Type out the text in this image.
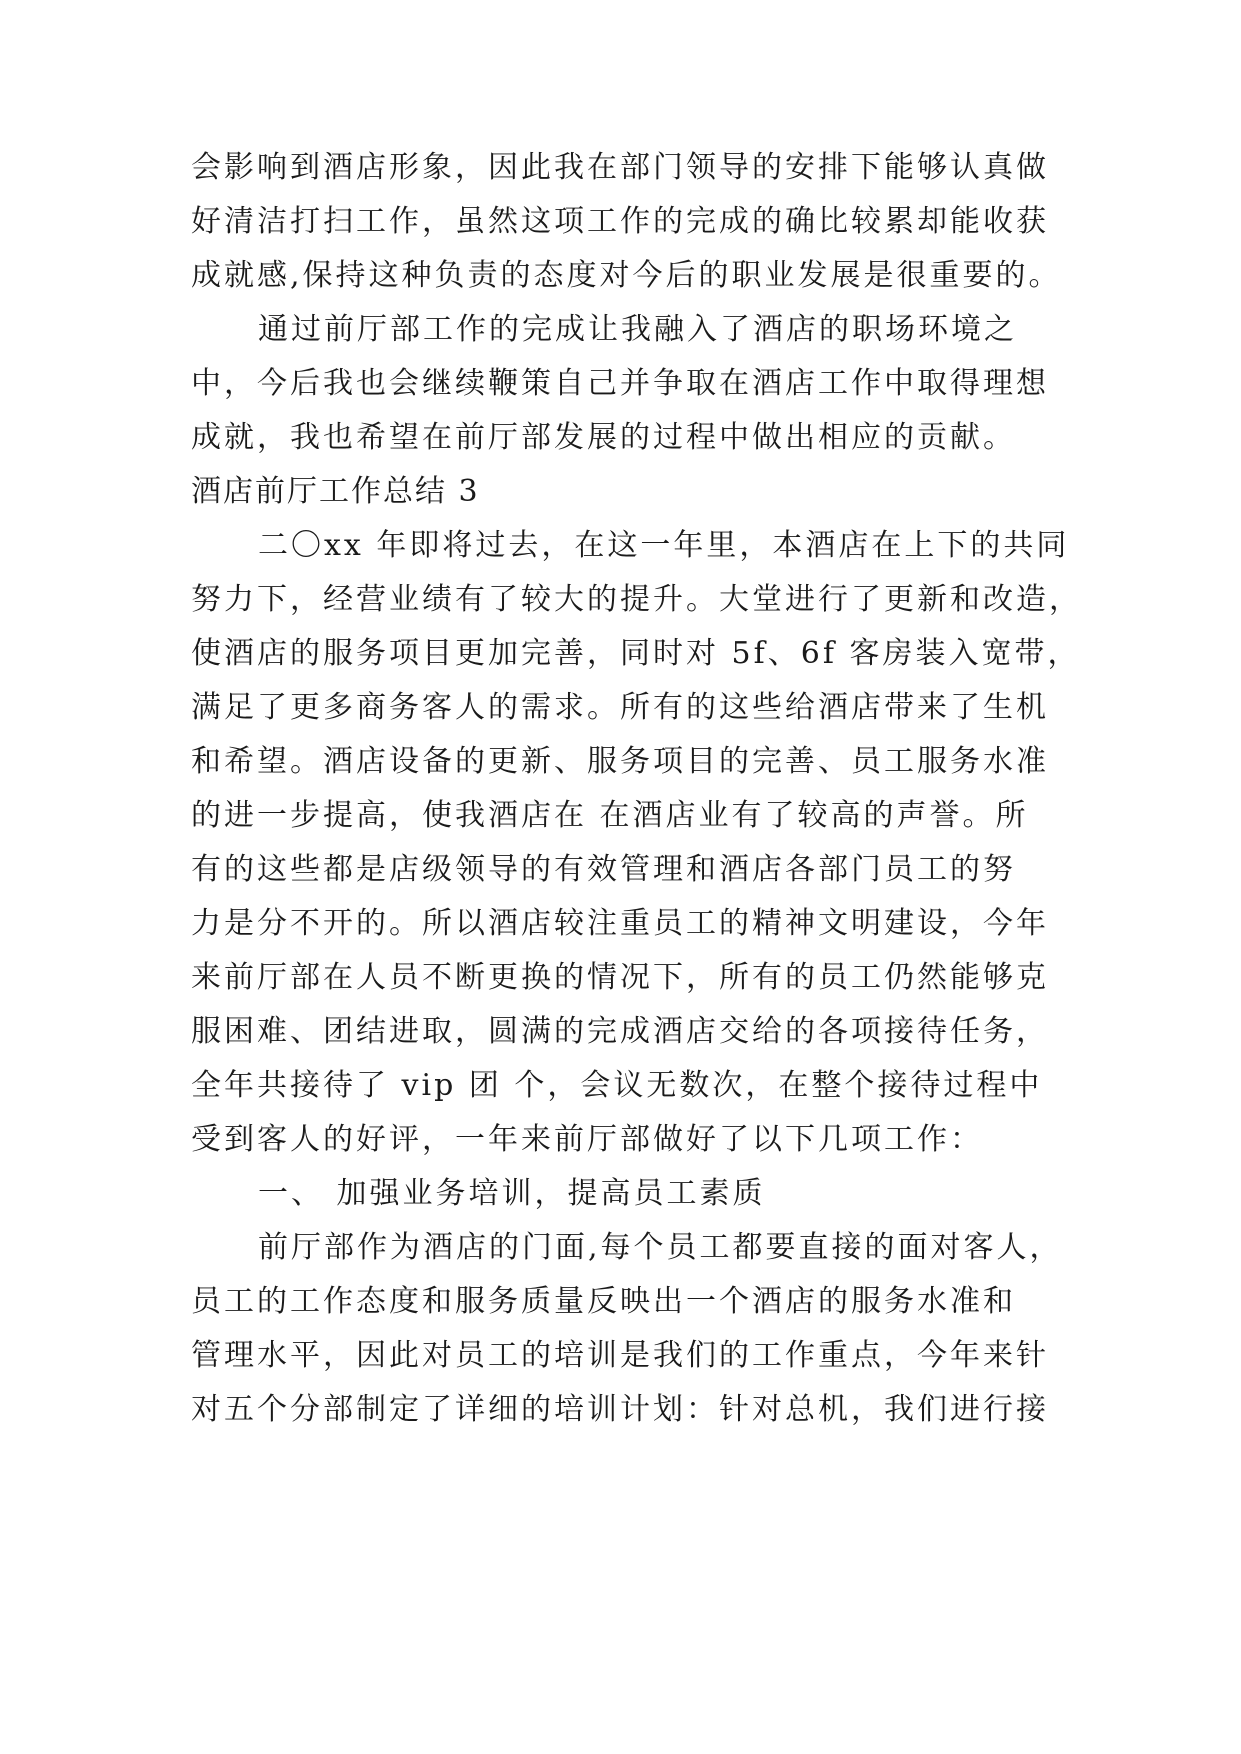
会影响到酒店形象，因此我在部门领导的安排下能够认真做
好清洁打扫工作，虽然这项工作的完成的确比较累却能收获
成就感,保持这种负责的态度对今后的职业发展是很重要的。
通过前厅部工作的完成让我融入了酒店的职场环境之
中，今后我也会继续鞭策自己并争取在酒店工作中取得理想
成就，我也希望在前厅部发展的过程中做出相应的贡献。
酒店前厅工作总结 3
二〇xx 年即将过去，在这一年里，本酒店在上下的共同
努力下，经营业绩有了较大的提升。大堂进行了更新和改造，
使酒店的服务项目更加完善，同时对 5f、6f 客房装入宽带，
满足了更多商务客人的需求。所有的这些给酒店带来了生机
和希望。酒店设备的更新、服务项目的完善、员工服务水准
的进一步提高，使我酒店在 在酒店业有了较高的声誉。所
有的这些都是店级领导的有效管理和酒店各部门员工的努
力是分不开的。所以酒店较注重员工的精神文明建设，今年
来前厅部在人员不断更换的情况下，所有的员工仍然能够克
服困难、团结进取，圆满的完成酒店交给的各项接待任务，
全年共接待了 vip 团 个，会议无数次，在整个接待过程中
受到客人的好评，一年来前厅部做好了以下几项工作：
一、 加强业务培训，提高员工素质
前厅部作为酒店的门面,每个员工都要直接的面对客人，
员工的工作态度和服务质量反映出一个酒店的服务水准和
管理水平，因此对员工的培训是我们的工作重点，今年来针
对五个分部制定了详细的培训计划：针对总机，我们进行接
